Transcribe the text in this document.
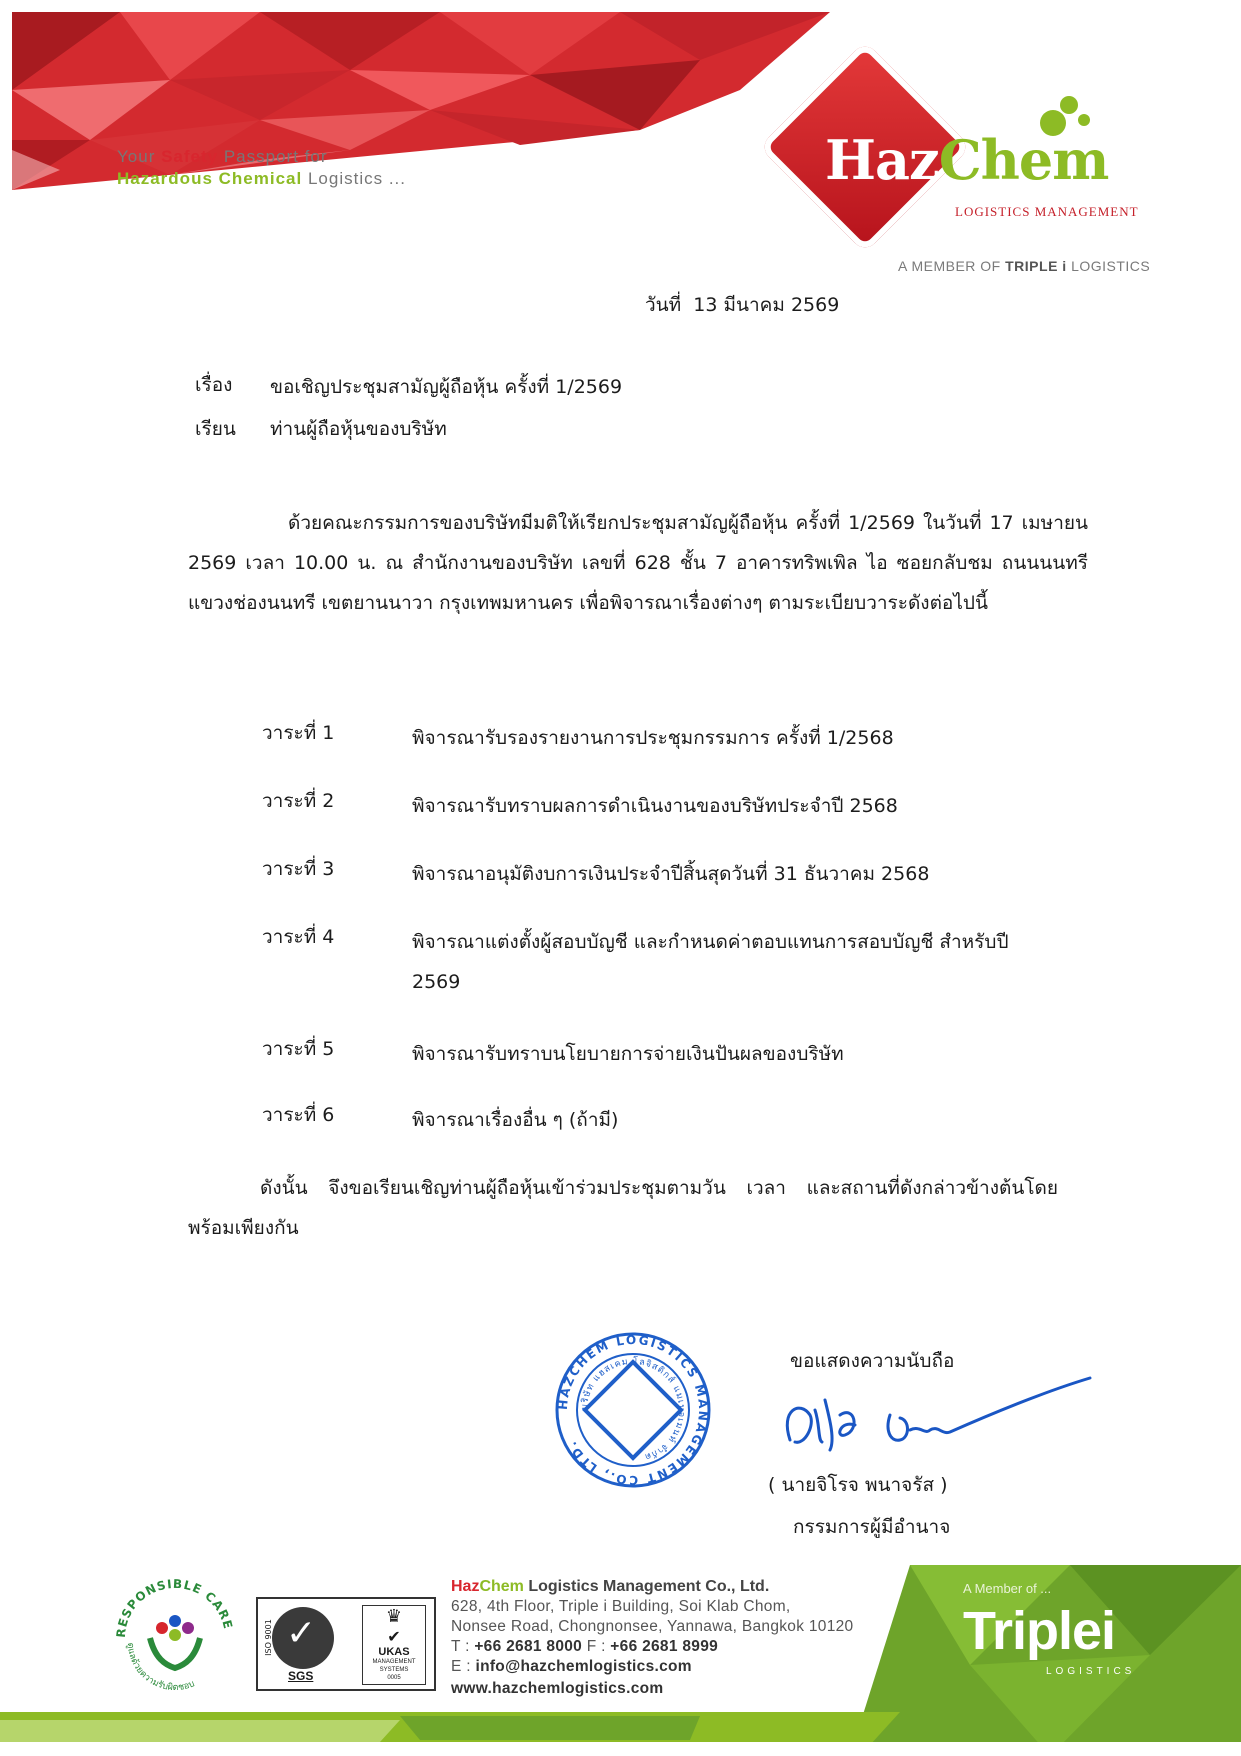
Your Safety Passport for
Hazardous Chemical Logistics ...	HazChem
LOGISTICS MANAGEMENT
A MEMBER OF TRIPLE i LOGISTICS
วันที่ 13 มีนาคม 2569
เรื่อง ขอเชิญประชุมสามัญผู้ถือหุ้น ครั้งที่ 1/2569
เรียน ท่านผู้ถือหุ้นของบริษัท
ด้วยคณะกรรมการของบริษัทมีมติให้เรียกประชุมสามัญผู้ถือหุ้น ครั้งที่ 1/2569 ในวันที่ 17 เมษายน 2569 เวลา 10.00 น. ณ สำนักงานของบริษัท เลขที่ 628 ชั้น 7 อาคารทริพเพิล ไอ ซอยกลับชม ถนนนนทรี แขวงช่องนนทรี เขตยานนาวา กรุงเทพมหานคร เพื่อพิจารณาเรื่องต่างๆ ตามระเบียบวาระดังต่อไปนี้
วาระที่ 1	พิจารณารับรองรายงานการประชุมกรรมการ ครั้งที่ 1/2568
วาระที่ 2	พิจารณารับทราบผลการดำเนินงานของบริษัทประจำปี 2568
วาระที่ 3	พิจารณาอนุมัติงบการเงินประจำปีสิ้นสุดวันที่ 31 ธันวาคม 2568
วาระที่ 4	พิจารณาแต่งตั้งผู้สอบบัญชี และกำหนดค่าตอบแทนการสอบบัญชี สำหรับปี 2569
วาระที่ 5	พิจารณารับทราบนโยบายการจ่ายเงินปันผลของบริษัท
วาระที่ 6	พิจารณาเรื่องอื่น ๆ (ถ้ามี)
ดังนั้น จึงขอเรียนเชิญท่านผู้ถือหุ้นเข้าร่วมประชุมตามวัน เวลา และสถานที่ดังกล่าวข้างต้นโดยพร้อมเพียงกัน
ขอแสดงความนับถือ
( นายจิโรจ พนาจรัส )
กรรมการผู้มีอำนาจ
HAZCHEM LOGISTICS MANAGEMENT CO., LTD.
บริษัท แฮสเคม โลจิสติกส์ แมเนจเมนท์ จำกัด
RESPONSIBLE CARE
ดูแลด้วยความรับผิดชอบ
✓
ISO 9001
SGS
♛
✔
UKAS
MANAGEMENT SYSTEMS
0005
HazChem Logistics Management Co., Ltd.
628, 4th Floor, Triple i Building, Soi Klab Chom,
Nonsee Road, Chongnonsee, Yannawa, Bangkok 10120
T : +66 2681 8000 F : +66 2681 8999
E : info@hazchemlogistics.com
www.hazchemlogistics.com
A Member of ...
Triplei
LOGISTICS
